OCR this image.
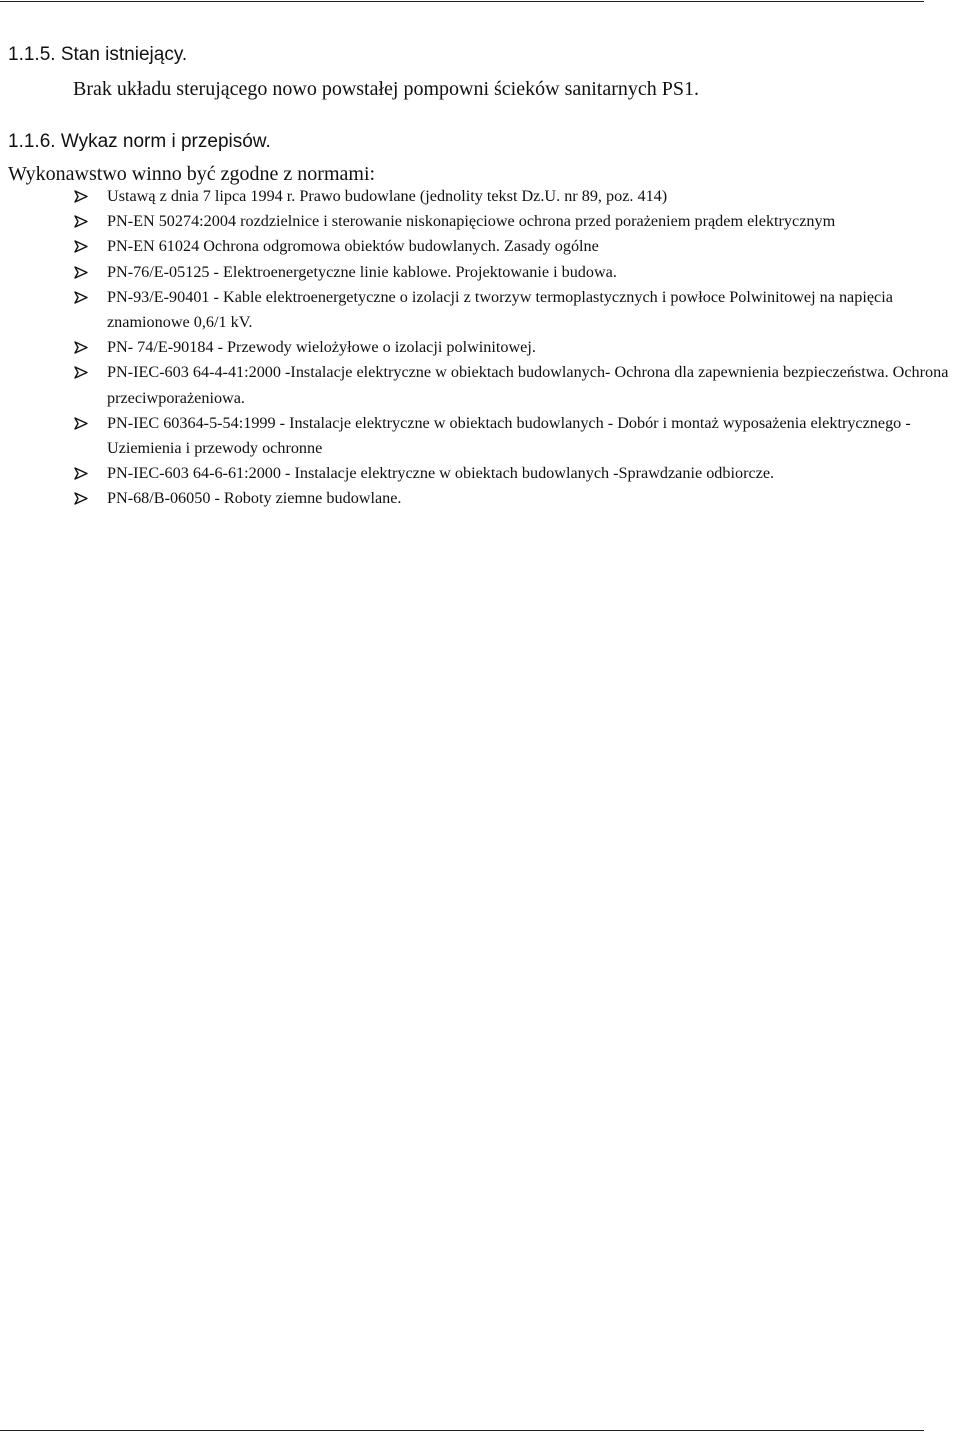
1.1.5. Stan istniejący.
Brak układu sterującego nowo powstałej pompowni ścieków sanitarnych PS1.
1.1.6. Wykaz norm i przepisów.
Wykonawstwo winno być zgodne z normami:
Ustawą z dnia 7 lipca 1994 r. Prawo budowlane (jednolity tekst Dz.U. nr 89, poz. 414)
PN-EN 50274:2004 rozdzielnice i sterowanie niskonapięciowe ochrona przed porażeniem prądem elektrycznym
PN-EN 61024 Ochrona odgromowa obiektów budowlanych. Zasady ogólne
PN-76/E-05125 - Elektroenergetyczne linie kablowe. Projektowanie i budowa.
PN-93/E-90401 - Kable elektroenergetyczne o izolacji z tworzyw termoplastycznych i powłoce Polwinitowej na napięcia znamionowe 0,6/1 kV.
PN- 74/E-90184 - Przewody wielożyłowe o izolacji polwinitowej.
PN-IEC-603 64-4-41:2000 -Instalacje elektryczne w obiektach budowlanych- Ochrona dla zapewnienia bezpieczeństwa. Ochrona przeciwporażeniowa.
PN-IEC 60364-5-54:1999 - Instalacje elektryczne w obiektach budowlanych - Dobór i montaż wyposażenia elektrycznego - Uziemienia i przewody ochronne
PN-IEC-603 64-6-61:2000 - Instalacje elektryczne w obiektach budowlanych -Sprawdzanie odbiorcze.
PN-68/B-06050 - Roboty ziemne budowlane.
